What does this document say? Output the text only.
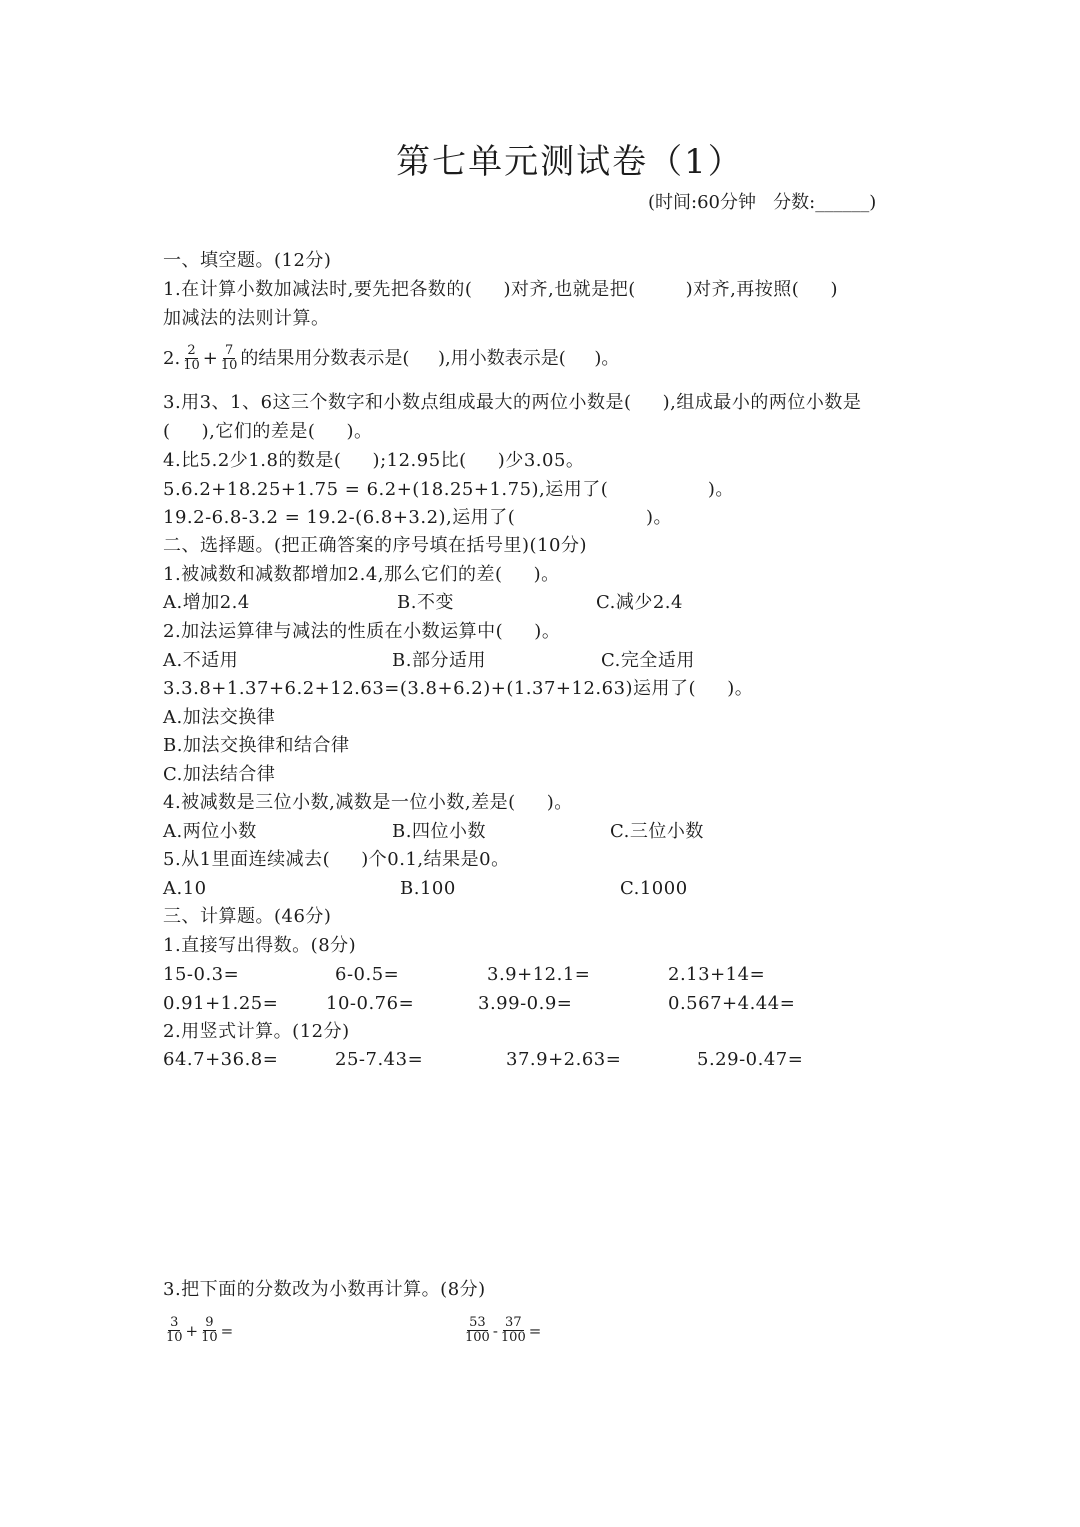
第七单元测试卷（1）
(时间:60分钟   分数:______)
一、填空题。(12分)
1.在计算小数加减法时,要先把各数的(     )对齐,也就是把(        )对齐,再按照(     )
加减法的法则计算。
2. $\frac{2}{10} + \frac{7}{10}$ 的结果用分数表示是(     ),用小数表示是(     )。
3.用3、1、6这三个数字和小数点组成最大的两位小数是(     ),组成最小的两位小数是
(     ),它们的差是(     )。
4.比5.2少1.8的数是(     );12.95比(     )少3.05。
5.6.2+18.25+1.75 = 6.2+(18.25+1.75),运用了(                )。
19.2-6.8-3.2 = 19.2-(6.8+3.2),运用了(                     )。
二、选择题。(把正确答案的序号填在括号里)(10分)
1.被减数和减数都增加2.4,那么它们的差(     )。
A.增加2.4	B.不变	C.减少2.4
2.加法运算律与减法的性质在小数运算中(     )。
A.不适用	B.部分适用	C.完全适用
3.3.8+1.37+6.2+12.63=(3.8+6.2)+(1.37+12.63)运用了(     )。
A.加法交换律
B.加法交换律和结合律
C.加法结合律
4.被减数是三位小数,减数是一位小数,差是(     )。
A.两位小数	B.四位小数	C.三位小数
5.从1里面连续减去(     )个0.1,结果是0。
A.10	B.100	C.1000
三、计算题。(46分)
1.直接写出得数。(8分)
15-0.3=	6-0.5=	3.9+12.1=	2.13+14=
0.91+1.25=	10-0.76=	3.99-0.9=	0.567+4.44=
2.用竖式计算。(12分)
64.7+36.8=	25-7.43=	37.9+2.63=	5.29-0.47=
3.把下面的分数改为小数再计算。(8分)
$\frac{3}{10} + \frac{9}{10}$ =	$\frac{53}{100} - \frac{37}{100}$ =
